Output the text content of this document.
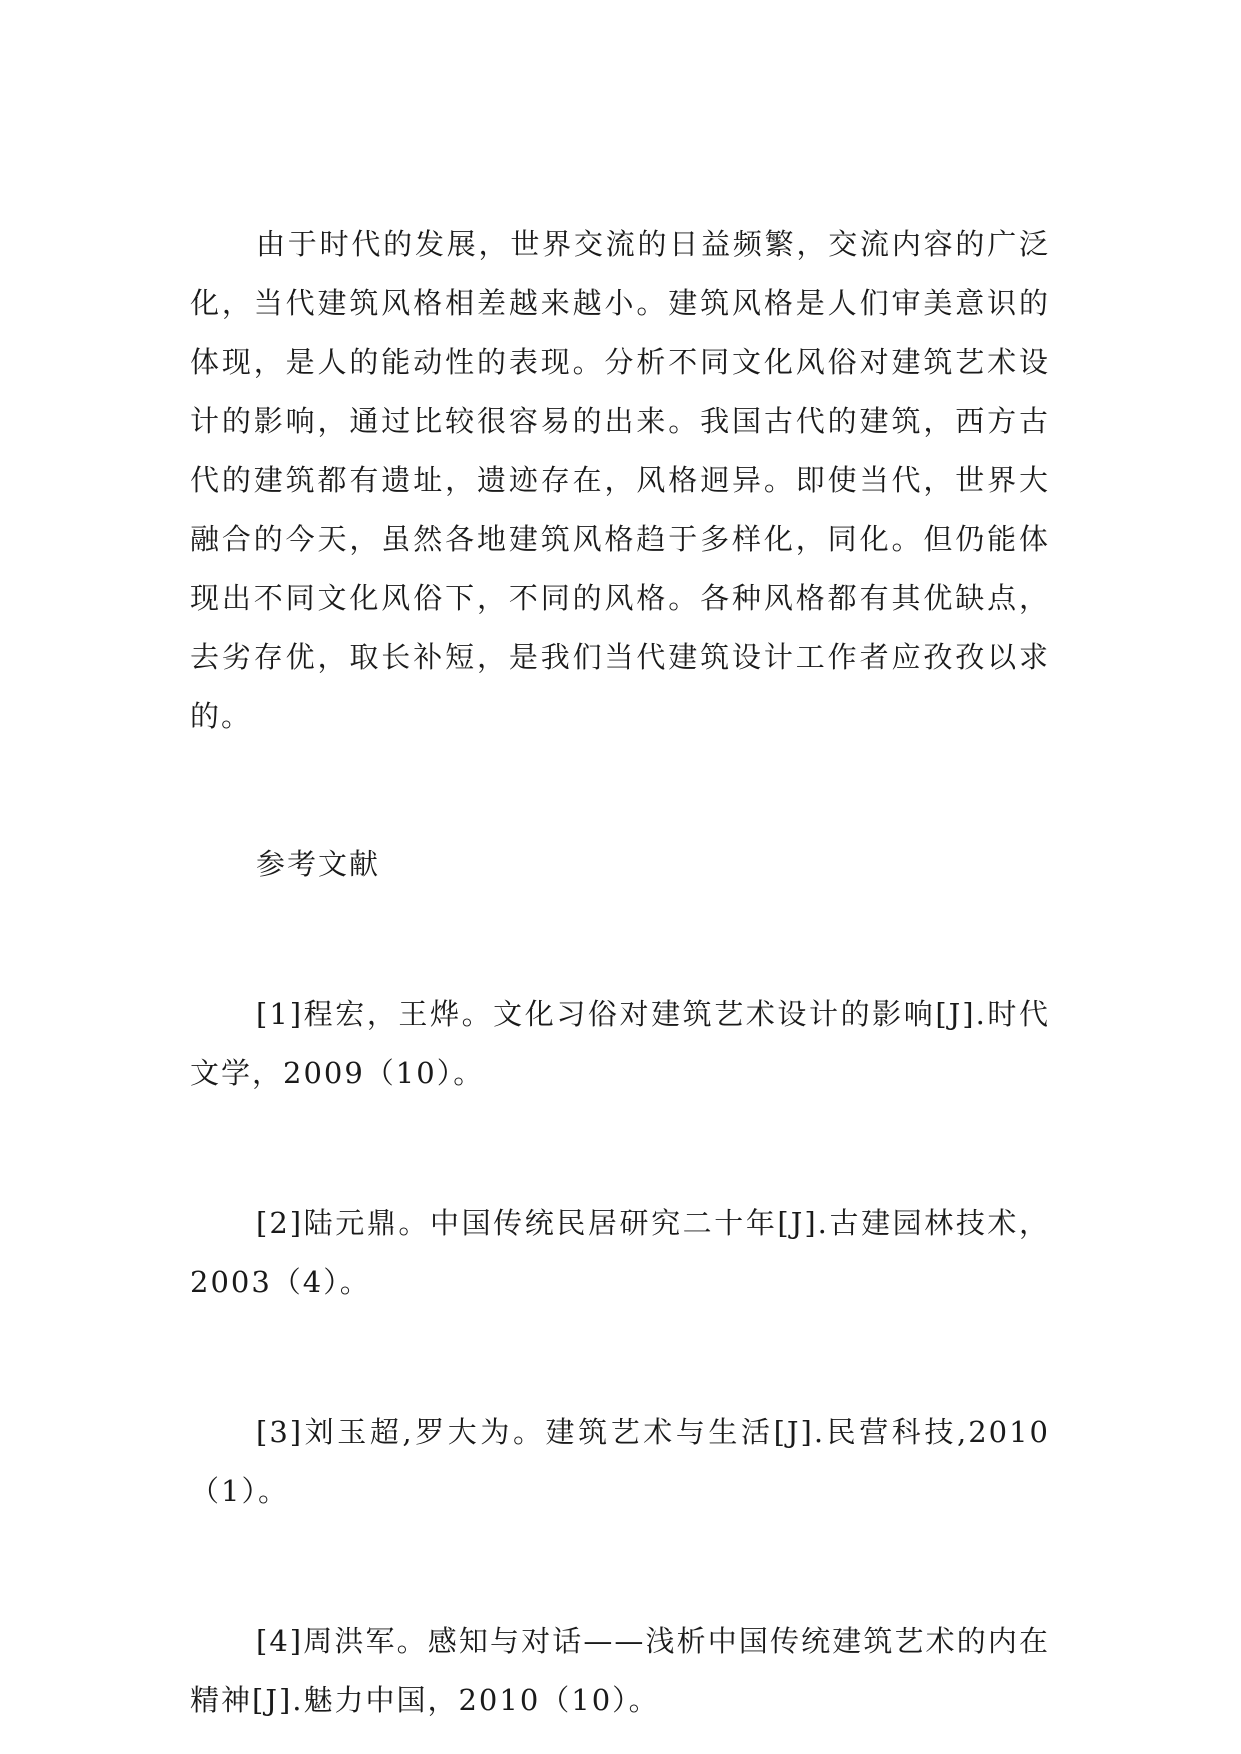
由于时代的发展，世界交流的日益频繁，交流内容的广泛化，当代建筑风格相差越来越小。建筑风格是人们审美意识的体现，是人的能动性的表现。分析不同文化风俗对建筑艺术设计的影响，通过比较很容易的出来。我国古代的建筑，西方古代的建筑都有遗址，遗迹存在，风格迥异。即使当代，世界大融合的今天，虽然各地建筑风格趋于多样化，同化。但仍能体现出不同文化风俗下，不同的风格。各种风格都有其优缺点，去劣存优，取长补短，是我们当代建筑设计工作者应孜孜以求的。

参考文献

[1]程宏，王烨。文化习俗对建筑艺术设计的影响[J].时代文学，2009（10）。

[2]陆元鼎。中国传统民居研究二十年[J].古建园林技术，2003（4）。

[3]刘玉超,罗大为。建筑艺术与生活[J].民营科技,2010（1）。

[4]周洪军。感知与对话——浅析中国传统建筑艺术的内在精神[J].魅力中国，2010（10）。
